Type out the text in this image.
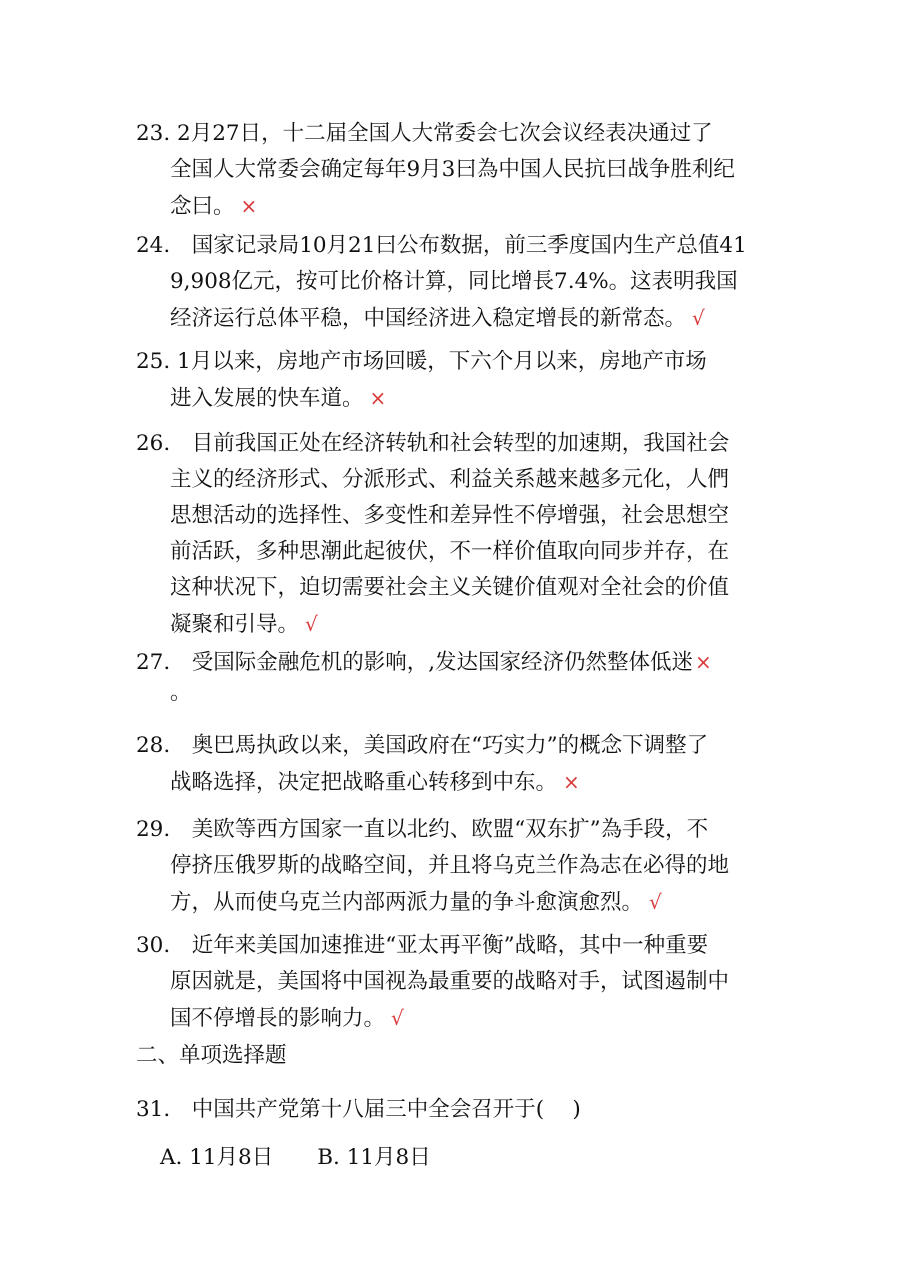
23. 2月27日，十二届全国人大常委会七次会议经表决通过了
全国人大常委会确定每年9月3曰為中国人民抗曰战争胜利纪
念曰。 ×
24.　国家记录局10月21曰公布数据，前三季度国内生产总值41
9,908亿元，按可比价格计算，同比增長7.4%。这表明我国
经济运行总体平稳，中国经济进入稳定增長的新常态。 √
25. 1月以来，房地产市场回暖，下六个月以来，房地产市场
进入发展的快车道。 ×
26.　目前我国正处在经济转轨和社会转型的加速期，我国社会
主义的经济形式、分派形式、利益关系越来越多元化，人們
思想活动的选择性、多变性和差异性不停增强，社会思想空
前活跃，多种思潮此起彼伏，不一样价值取向同步并存，在
这种状况下，迫切需要社会主义关键价值观对全社会的价值
凝聚和引导。 √
27.　受国际金融危机的影响，,发达国家经济仍然整体低迷 ×
。
28.　奥巴馬执政以来，美国政府在“巧实力”的概念下调整了
战略选择，决定把战略重心转移到中东。 ×
29.　美欧等西方国家一直以北约、欧盟“双东扩”為手段，不
停挤压俄罗斯的战略空间，并且将乌克兰作為志在必得的地
方，从而使乌克兰内部两派力量的争斗愈演愈烈。 √
30.　近年来美国加速推进“亚太再平衡”战略，其中一种重要
原因就是，美国将中国视為最重要的战略对手，试图遏制中
国不停增長的影响力。 √
二、单项选择题
31.　中国共产党第十八届三中全会召开于(　 )
A. 11月8日 B. 11月8日
